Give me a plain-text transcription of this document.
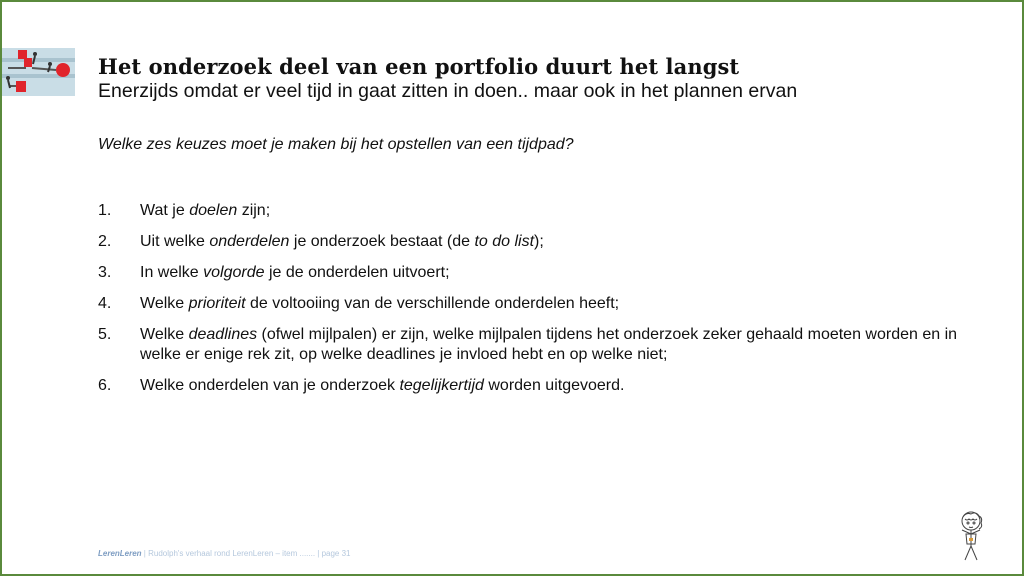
Het onderzoek deel van een portfolio duurt het langst
Enerzijds omdat er veel tijd in gaat zitten in doen.. maar ook in het plannen ervan
Welke zes keuzes moet je maken bij het opstellen van een tijdpad?
1.	Wat je doelen zijn;
2.	Uit welke onderdelen je onderzoek bestaat (de to do list);
3.	In welke volgorde je de onderdelen uitvoert;
4.	Welke prioriteit de voltooiing van de verschillende onderdelen heeft;
5.	Welke deadlines (ofwel mijlpalen) er zijn, welke mijlpalen tijdens het onderzoek zeker gehaald moeten worden en in welke er enige rek zit, op welke deadlines je invloed hebt en op welke niet;
6.	Welke onderdelen van je onderzoek tegelijkertijd worden uitgevoerd.
LerenLeren | Rudolph's verhaal rond LerenLeren – item ....... | page 31
